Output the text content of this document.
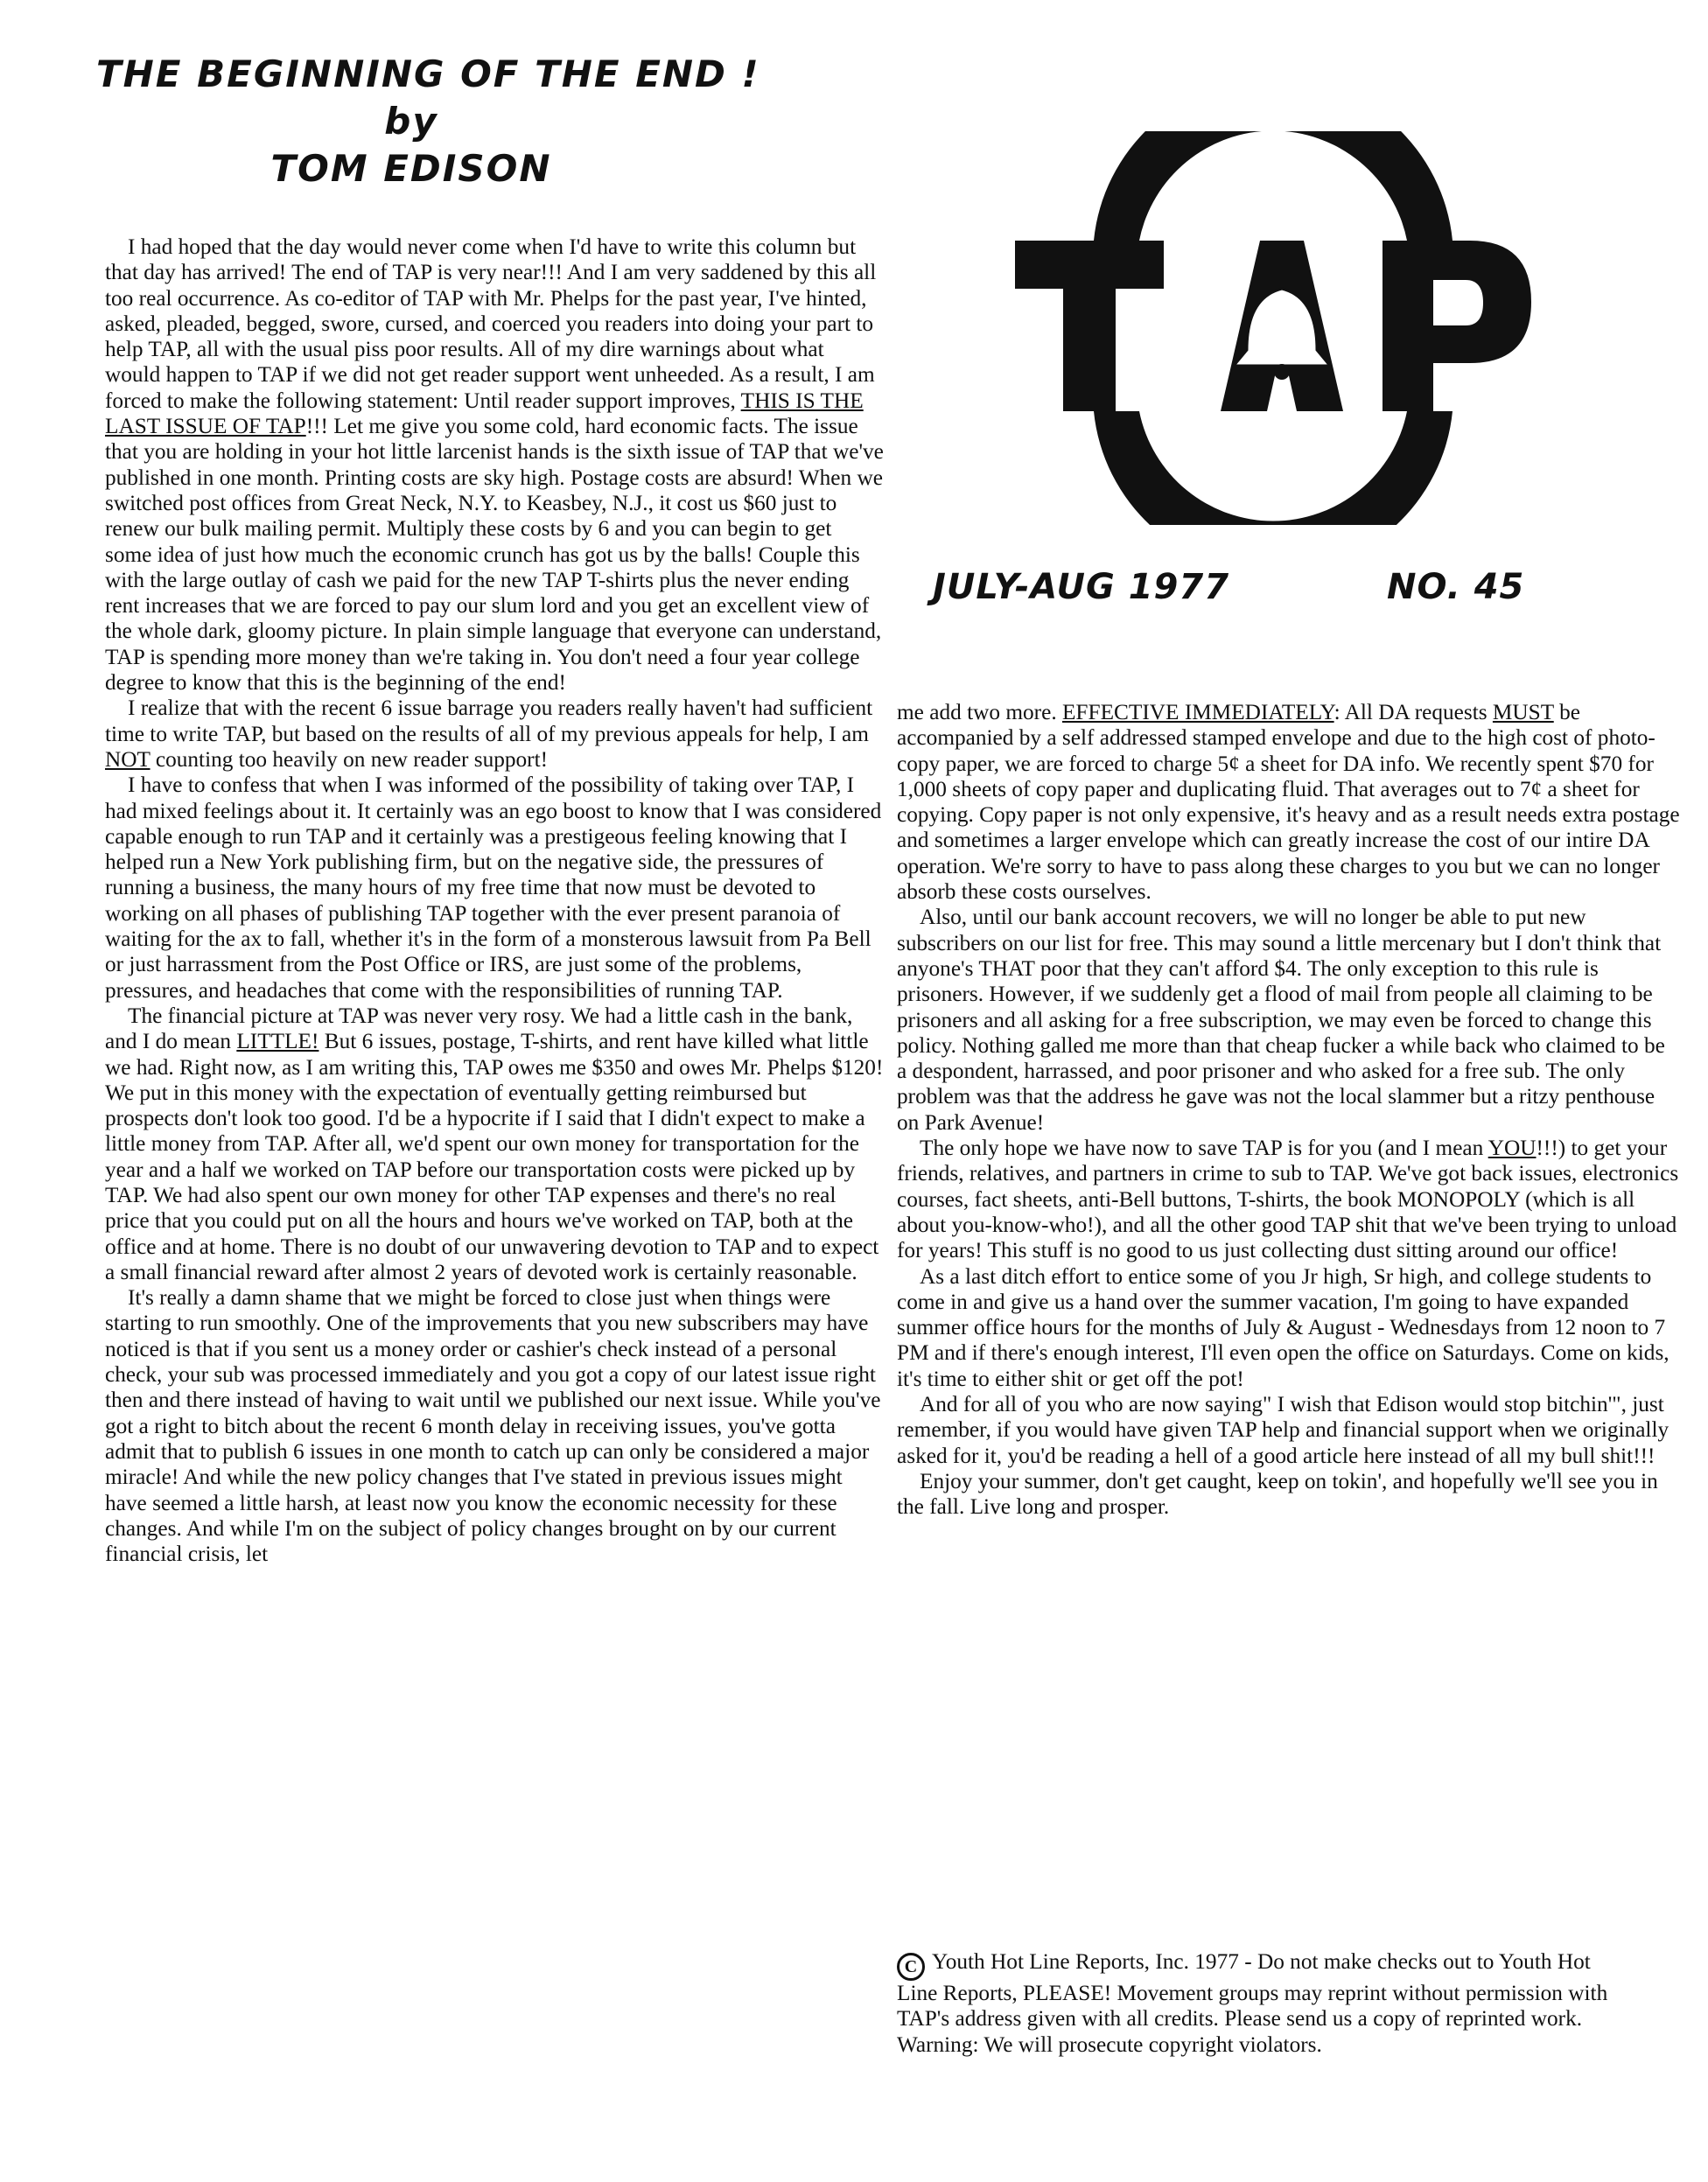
THE BEGINNING OF THE END !
by
TOM EDISON
TAP
JULY-AUG 1977	NO. 45

I had hoped that the day would never come when I'd have to write this column but that day has arrived! The end of TAP is very near!!! And I am very saddened by this all too real occurrence. As co-editor of TAP with Mr. Phelps for the past year, I've hinted, asked, pleaded, begged, swore, cursed, and coerced you readers into doing your part to help TAP, all with the usual piss poor results. All of my dire warnings about what would happen to TAP if we did not get reader support went unheeded. As a result, I am forced to make the following statement: Until reader support improves, THIS IS THE LAST ISSUE OF TAP!!! Let me give you some cold, hard economic facts. The issue that you are holding in your hot little larcenist hands is the sixth issue of TAP that we've published in one month. Printing costs are sky high. Postage costs are absurd! When we switched post offices from Great Neck, N.Y. to Keasbey, N.J., it cost us $60 just to renew our bulk mailing permit. Multiply these costs by 6 and you can begin to get some idea of just how much the economic crunch has got us by the balls! Couple this with the large outlay of cash we paid for the new TAP T-shirts plus the never ending rent increases that we are forced to pay our slum lord and you get an excellent view of the whole dark, gloomy picture. In plain simple language that everyone can understand, TAP is spending more money than we're taking in. You don't need a four year college degree to know that this is the beginning of the end!

I realize that with the recent 6 issue barrage you readers really haven't had sufficient time to write TAP, but based on the results of all of my previous appeals for help, I am NOT counting too heavily on new reader support!

I have to confess that when I was informed of the possibility of taking over TAP, I had mixed feelings about it. It certainly was an ego boost to know that I was considered capable enough to run TAP and it certainly was a prestigeous feeling knowing that I helped run a New York publishing firm, but on the negative side, the pressures of running a business, the many hours of my free time that now must be devoted to working on all phases of publishing TAP together with the ever present paranoia of waiting for the ax to fall, whether it's in the form of a monsterous lawsuit from Pa Bell or just harrassment from the Post Office or IRS, are just some of the problems, pressures, and headaches that come with the responsibilities of running TAP.

The financial picture at TAP was never very rosy. We had a little cash in the bank, and I do mean LITTLE! But 6 issues, postage, T-shirts, and rent have killed what little we had. Right now, as I am writing this, TAP owes me $350 and owes Mr. Phelps $120! We put in this money with the expectation of eventually getting reimbursed but prospects don't look too good. I'd be a hypocrite if I said that I didn't expect to make a little money from TAP. After all, we'd spent our own money for transportation for the year and a half we worked on TAP before our transportation costs were picked up by TAP. We had also spent our own money for other TAP expenses and there's no real price that you could put on all the hours and hours we've worked on TAP, both at the office and at home. There is no doubt of our unwavering devotion to TAP and to expect a small financial reward after almost 2 years of devoted work is certainly reasonable.

It's really a damn shame that we might be forced to close just when things were starting to run smoothly. One of the improvements that you new subscribers may have noticed is that if you sent us a money order or cashier's check instead of a personal check, your sub was processed immediately and you got a copy of our latest issue right then and there instead of having to wait until we published our next issue. While you've got a right to bitch about the recent 6 month delay in receiving issues, you've gotta admit that to publish 6 issues in one month to catch up can only be considered a major miracle! And while the new policy changes that I've stated in previous issues might have seemed a little harsh, at least now you know the economic necessity for these changes. And while I'm on the subject of policy changes brought on by our current financial crisis, let

me add two more. EFFECTIVE IMMEDIATELY: All DA requests MUST be accompanied by a self addressed stamped envelope and due to the high cost of photo-copy paper, we are forced to charge 5¢ a sheet for DA info. We recently spent $70 for 1,000 sheets of copy paper and duplicating fluid. That averages out to 7¢ a sheet for copying. Copy paper is not only expensive, it's heavy and as a result needs extra postage and sometimes a larger envelope which can greatly increase the cost of our intire DA operation. We're sorry to have to pass along these charges to you but we can no longer absorb these costs ourselves.

Also, until our bank account recovers, we will no longer be able to put new subscribers on our list for free. This may sound a little mercenary but I don't think that anyone's THAT poor that they can't afford $4. The only exception to this rule is prisoners. However, if we suddenly get a flood of mail from people all claiming to be prisoners and all asking for a free subscription, we may even be forced to change this policy. Nothing galled me more than that cheap fucker a while back who claimed to be a despondent, harrassed, and poor prisoner and who asked for a free sub. The only problem was that the address he gave was not the local slammer but a ritzy penthouse on Park Avenue!

The only hope we have now to save TAP is for you (and I mean YOU!!!) to get your friends, relatives, and partners in crime to sub to TAP. We've got back issues, electronics courses, fact sheets, anti-Bell buttons, T-shirts, the book MONOPOLY (which is all about you-know-who!), and all the other good TAP shit that we've been trying to unload for years! This stuff is no good to us just collecting dust sitting around our office!

As a last ditch effort to entice some of you Jr high, Sr high, and college students to come in and give us a hand over the summer vacation, I'm going to have expanded summer office hours for the months of July & August - Wednesdays from 12 noon to 7 PM and if there's enough interest, I'll even open the office on Saturdays. Come on kids, it's time to either shit or get off the pot!

And for all of you who are now saying" I wish that Edison would stop bitchin'", just remember, if you would have given TAP help and financial support when we originally asked for it, you'd be reading a hell of a good article here instead of all my bull shit!!!

Enjoy your summer, don't get caught, keep on tokin', and hopefully we'll see you in the fall. Live long and prosper.

C Youth Hot Line Reports, Inc. 1977 - Do not make checks out to Youth Hot Line Reports, PLEASE! Movement groups may reprint without permission with TAP's address given with all credits. Please send us a copy of reprinted work. Warning: We will prosecute copyright violators.
